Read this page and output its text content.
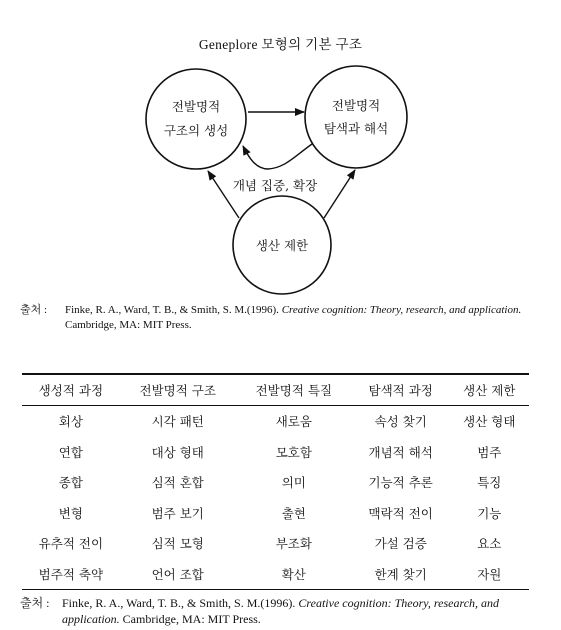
Geneplore 모형의 기본 구조
전발명적
구조의 생성
전발명적
탐색과 해석
생산 제한
개념 집중, 확장
출처 : Finke, R. A., Ward, T. B., & Smith, S. M.(1996). Creative cognition: Theory, research, and application. Cambridge, MA: MIT Press.
생성적 과정	전발명적 구조	전발명적 특질	탐색적 과정	생산 제한
회상	시각 패턴	새로움	속성 찾기	생산 형태
연합	대상 형태	모호함	개념적 해석	범주
종합	심적 혼합	의미	기능적 추론	특징
변형	범주 보기	출현	맥락적 전이	기능
유추적 전이	심적 모형	부조화	가설 검증	요소
범주적 축약	언어 조합	확산	한계 찾기	자원
출처 : Finke, R. A., Ward, T. B., & Smith, S. M.(1996). Creative cognition: Theory, research, and application. Cambridge, MA: MIT Press.
